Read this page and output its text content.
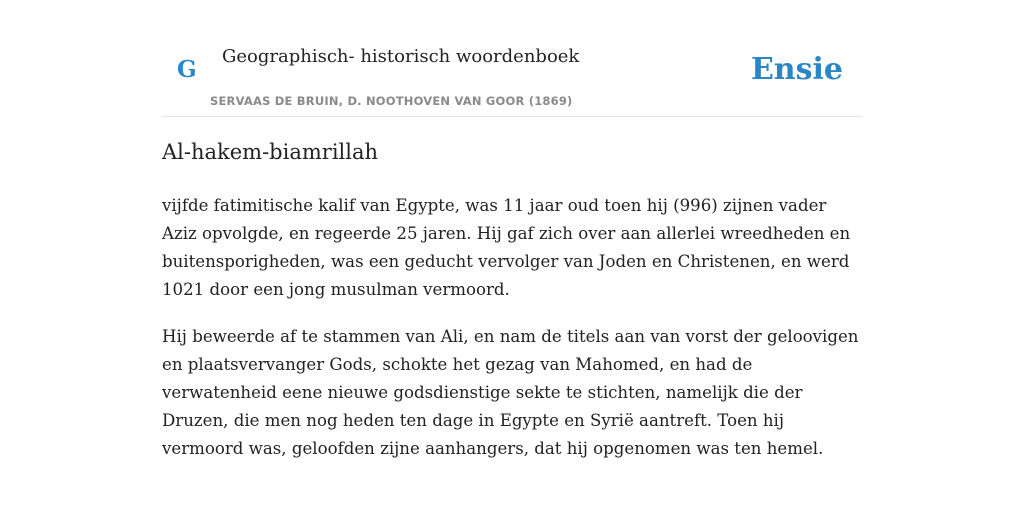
G Geographisch- historisch woordenboek
SERVAAS DE BRUIN, D. NOOTHOVEN VAN GOOR (1869)
Ensie
Al-hakem-biamrillah

vijfde fatimitische kalif van Egypte, was 11 jaar oud toen hij (996) zijnen vader Aziz opvolgde, en regeerde 25 jaren. Hij gaf zich over aan allerlei wreedheden en buitensporigheden, was een geducht vervolger van Joden en Christenen, en werd 1021 door een jong musulman vermoord.

Hij beweerde af te stammen van Ali, en nam de titels aan van vorst der geloovigen en plaatsvervanger Gods, schokte het gezag van Mahomed, en had de verwatenheid eene nieuwe godsdienstige sekte te stichten, namelijk die der Druzen, die men nog heden ten dage in Egypte en Syrië aantreft. Toen hij vermoord was, geloofden zijne aanhangers, dat hij opgenomen was ten hemel.
